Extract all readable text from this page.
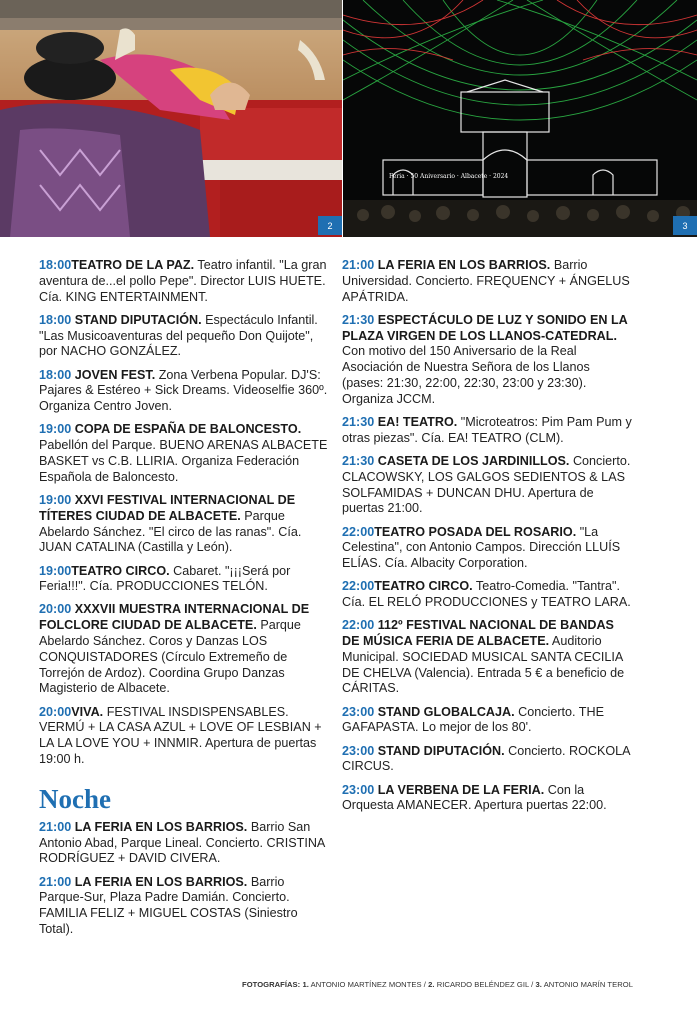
2
Feria · 50 Aniversario · Albacete · 2024
3

18:00TEATRO DE LA PAZ. Teatro infantil. "La gran aventura de...el pollo Pepe". Director LUIS HUETE. Cía. KING ENTERTAINMENT.

18:00 STAND DIPUTACIÓN. Espectáculo Infantil. "Las Musicoaventuras del pequeño Don Quijote", por NACHO GONZÁLEZ.

18:00 JOVEN FEST. Zona Verbena Popular. DJ'S: Pajares & Estéreo + Sick Dreams. Videoselfie 360º. Organiza Centro Joven.

19:00 COPA DE ESPAÑA DE BALONCESTO. Pabellón del Parque. BUENO ARENAS ALBACETE BASKET vs C.B. LLIRIA. Organiza Federación Española de Baloncesto.

19:00 XXVI FESTIVAL INTERNACIONAL DE TÍTERES CIUDAD DE ALBACETE. Parque Abelardo Sánchez. "El circo de las ranas". Cía. JUAN CATALINA (Castilla y León).

19:00TEATRO CIRCO. Cabaret. "¡¡¡Será por Feria!!!". Cía. PRODUCCIONES TELÓN.

20:00 XXXVII MUESTRA INTERNACIONAL DE FOLCLORE CIUDAD DE ALBACETE. Parque Abelardo Sánchez. Coros y Danzas LOS CONQUISTADORES (Círculo Extremeño de Torrejón de Ardoz). Coordina Grupo Danzas Magisterio de Albacete.

20:00VIVA. FESTIVAL INSDISPENSABLES. VERMÚ + LA CASA AZUL + LOVE OF LESBIAN + LA LA LOVE YOU + INNMIR. Apertura de puertas 19:00 h.

Noche

21:00 LA FERIA EN LOS BARRIOS. Barrio San Antonio Abad, Parque Lineal. Concierto. CRISTINA RODRÍGUEZ + DAVID CIVERA.

21:00 LA FERIA EN LOS BARRIOS. Barrio Parque-Sur, Plaza Padre Damián. Concierto. FAMILIA FELIZ + MIGUEL COSTAS (Siniestro Total).

21:00 LA FERIA EN LOS BARRIOS. Barrio Universidad. Concierto. FREQUENCY + ÁNGELUS APÁTRIDA.

21:30 ESPECTÁCULO DE LUZ Y SONIDO EN LA PLAZA VIRGEN DE LOS LLANOS-CATEDRAL. Con motivo del 150 Aniversario de la Real Asociación de Nuestra Señora de los Llanos (pases: 21:30, 22:00, 22:30, 23:00 y 23:30). Organiza JCCM.

21:30 EA! TEATRO. "Microteatros: Pim Pam Pum y otras piezas". Cía. EA! TEATRO (CLM).

21:30 CASETA DE LOS JARDINILLOS. Concierto. CLACOWSKY, LOS GALGOS SEDIENTOS & LAS SOLFAMIDAS + DUNCAN DHU. Apertura de puertas 21:00.

22:00TEATRO POSADA DEL ROSARIO. "La Celestina", con Antonio Campos. Dirección LLUÍS ELÍAS. Cía. Albacity Corporation.

22:00TEATRO CIRCO. Teatro-Comedia. "Tantra". Cía. EL RELÓ PRODUCCIONES y TEATRO LARA.

22:00 112º FESTIVAL NACIONAL DE BANDAS DE MÚSICA FERIA DE ALBACETE. Auditorio Municipal. SOCIEDAD MUSICAL SANTA CECILIA DE CHELVA (Valencia). Entrada 5 € a beneficio de CÁRITAS.

23:00 STAND GLOBALCAJA. Concierto. THE GAFAPASTA. Lo mejor de los 80'.

23:00 STAND DIPUTACIÓN. Concierto. ROCKOLA CIRCUS.

23:00 LA VERBENA DE LA FERIA. Con la Orquesta AMANECER. Apertura puertas 22:00.

FOTOGRAFÍAS: 1. ANTONIO MARTÍNEZ MONTES / 2. RICARDO BELÉNDEZ GIL / 3. ANTONIO MARÍN TEROL
